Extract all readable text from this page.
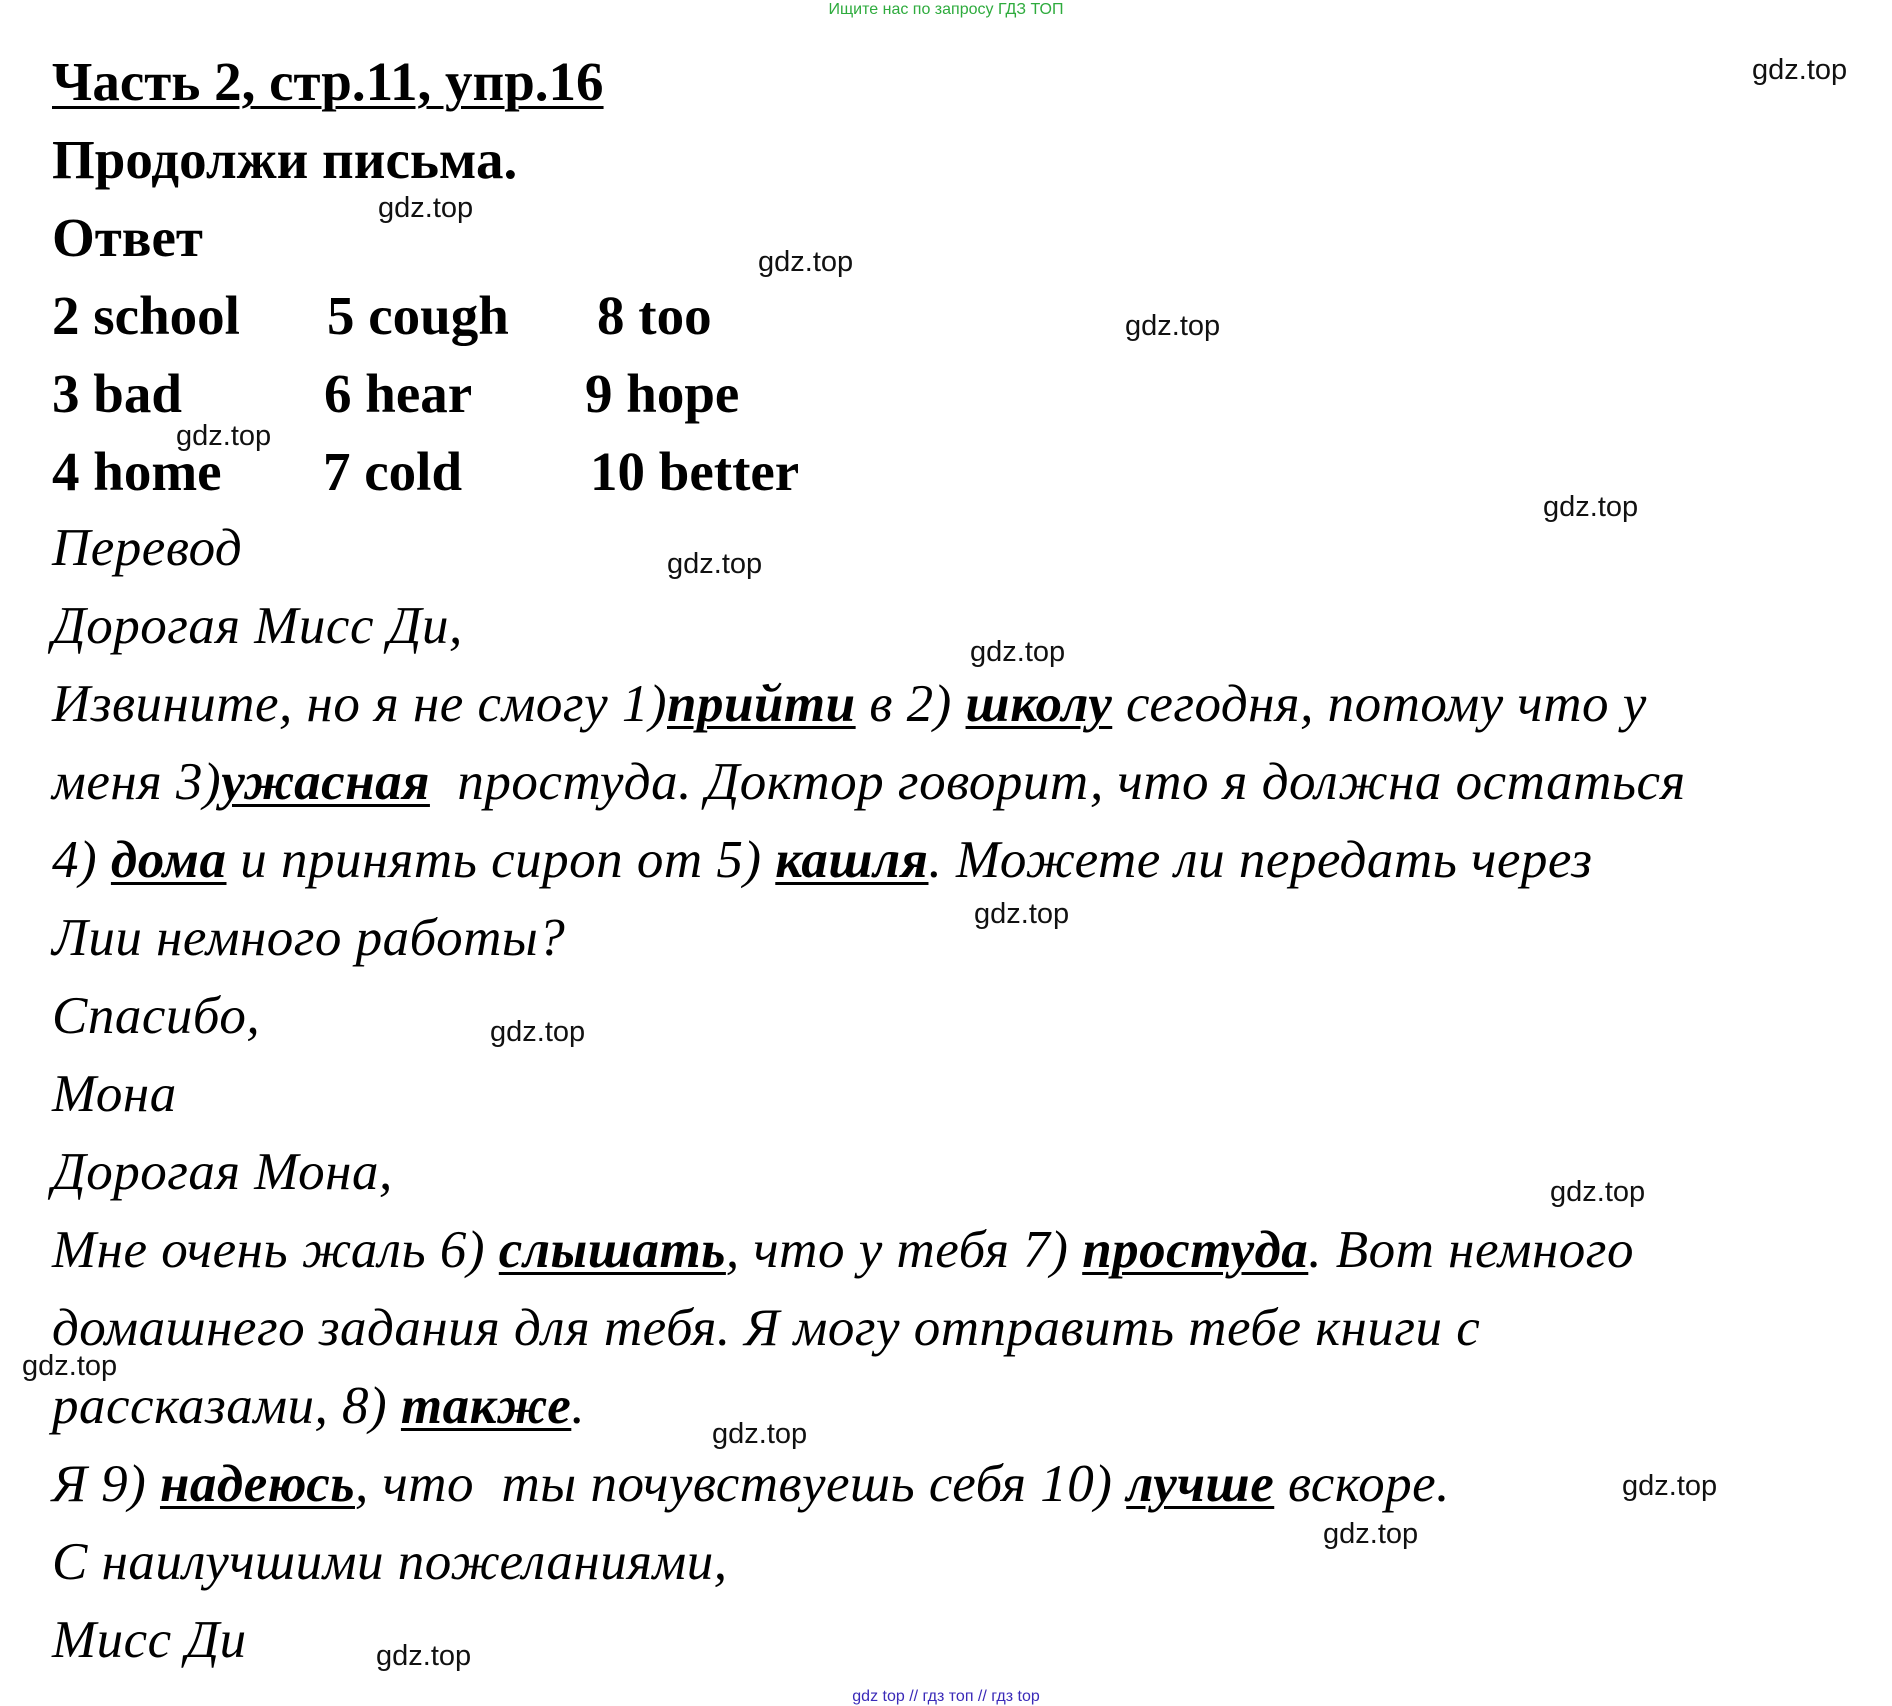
Ищите нас по запросу ГДЗ ТОП
Часть 2, стр.11, упр.16
Продолжи письма.
Ответ
2 school 5 cough 8 too
3 bad	6 hear 9 hope
4 home 7 cold 10 better
Перевод
Дорогая Мисс Ди,
Извините, но я не смогу 1)прийти в 2) школу сегодня, потому что у
меня 3)ужасная  простуда. Доктор говорит, что я должна остаться
4) дома и принять сироп от 5) кашля. Можете ли передать через
Лии немного работы?
Спасибо,
Мона
Дорогая Мона,
Мне очень жаль 6) слышать, что у тебя 7) простуда. Вот немного
домашнего задания для тебя. Я могу отправить тебе книги с
рассказами, 8) также.
Я 9) надеюсь, что  ты почувствуешь себя 10) лучше вскоре.
С наилучшими пожеланиями,
Мисс Ди
gdz.top
gdz.top
gdz.top
gdz.top
gdz.top
gdz.top
gdz.top
gdz.top
gdz.top
gdz.top
gdz.top
gdz.top
gdz.top
gdz.top
gdz.top
gdz.top
gdz top // гдз топ // гдз top
